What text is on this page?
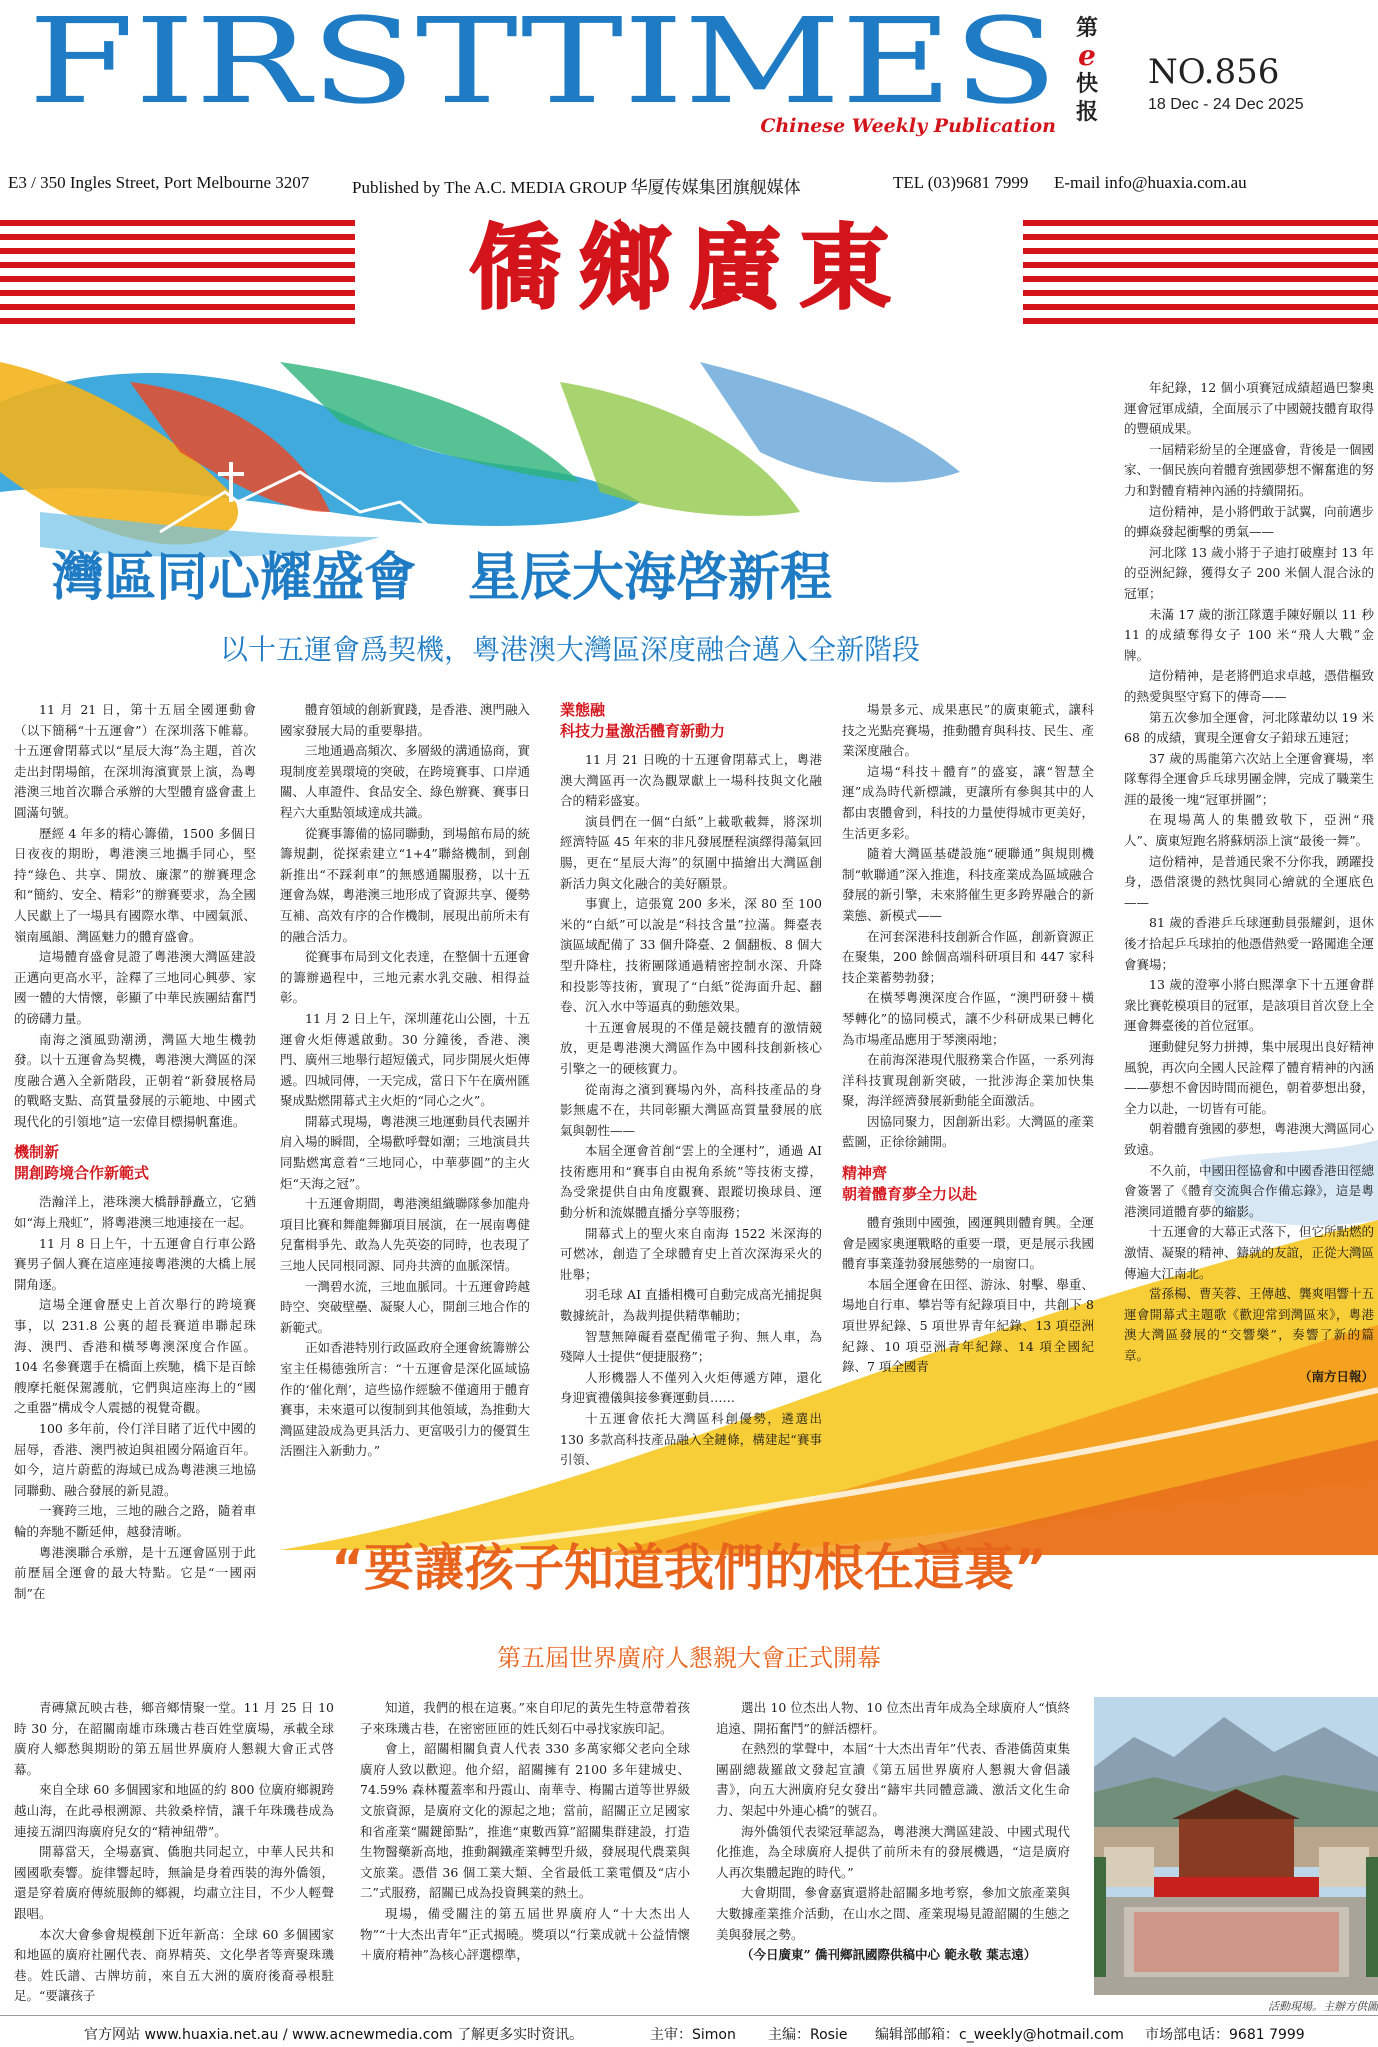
FIRSTTIMES
Chinese Weekly Publication
第
e
快
报
NO.856
18 Dec - 24 Dec 2025
E3 / 350 Ingles Street, Port Melbourne 3207	Published by The A.C. MEDIA GROUP 华厦传媒集团旗舰媒体	TEL (03)9681 7999 E-mail info@huaxia.com.au
僑鄉廣東
灣區同心耀盛會　星辰大海啓新程
以十五運會爲契機，粵港澳大灣區深度融合邁入全新階段

11 月 21 日，第十五屆全國運動會（以下簡稱“十五運會”）在深圳落下帷幕。十五運會閉幕式以“星辰大海”為主題，首次走出封閉場館，在深圳海濱實景上演，為粵港澳三地首次聯合承辦的大型體育盛會畫上圓滿句號。

歷經 4 年多的精心籌備，1500 多個日日夜夜的期盼，粵港澳三地攜手同心，堅持“綠色、共享、開放、廉潔”的辦賽理念和“簡約、安全、精彩”的辦賽要求，為全國人民獻上了一場具有國際水準、中國氣派、嶺南風韻、灣區魅力的體育盛會。

這場體育盛會見證了粵港澳大灣區建設正邁向更高水平，詮釋了三地同心興夢、家國一體的大情懷，彰顯了中華民族團結奮鬥的磅礴力量。

南海之濱風勁潮湧，灣區大地生機勃發。以十五運會為契機，粵港澳大灣區的深度融合邁入全新階段，正朝着“新發展格局的戰略支點、高質量發展的示範地、中國式現代化的引領地”這一宏偉目標揚帆奮進。

機制新
開創跨境合作新範式

浩瀚洋上，港珠澳大橋靜靜矗立，它猶如“海上飛虹”，將粵港澳三地連接在一起。

11 月 8 日上午，十五運會自行車公路賽男子個人賽在這座連接粵港澳的大橋上展開角逐。

這場全運會歷史上首次舉行的跨境賽事，以 231.8 公裏的超長賽道串聯起珠海、澳門、香港和橫琴粵澳深度合作區。104 名參賽選手在橋面上疾馳，橋下是百餘艘摩托艇保駕護航，它們與這座海上的“國之重器”構成令人震撼的視覺奇觀。

100 多年前，伶仃洋目睹了近代中國的屈辱，香港、澳門被迫與祖國分隔逾百年。如今，這片蔚藍的海域已成為粵港澳三地協同聯動、融合發展的新見證。

一賽跨三地，三地的融合之路，隨着車輪的奔馳不斷延伸，越發清晰。

粵港澳聯合承辦，是十五運會區別于此前歷屆全運會的最大特點。它是“一國兩制”在

體育領域的創新實踐，是香港、澳門融入國家發展大局的重要舉措。

三地通過高頻次、多層級的溝通協商，實現制度差異環境的突破，在跨境賽事、口岸通關、人車證件、食品安全、綠色辦賽、賽事日程六大重點領域達成共識。

從賽事籌備的協同聯動，到場館布局的統籌規劃，從探索建立“1+4”聯絡機制，到創新推出“不踩剎車”的無感通關服務，以十五運會為媒，粵港澳三地形成了資源共享、優勢互補、高效有序的合作機制，展現出前所未有的融合活力。

從賽事布局到文化表達，在整個十五運會的籌辦過程中，三地元素水乳交融、相得益彰。

11 月 2 日上午，深圳蓮花山公園，十五運會火炬傳遞啟動。30 分鐘後，香港、澳門、廣州三地舉行超短儀式，同步開展火炬傳遞。四城同傳，一天完成，當日下午在廣州匯聚成點燃開幕式主火炬的“同心之火”。

開幕式現場，粵港澳三地運動員代表團并肩入場的瞬間，全場歡呼聲如潮；三地演員共同點燃寓意着“三地同心，中華夢圓”的主火炬“天海之冠”。

十五運會期間，粵港澳組織聯隊參加龍舟項目比賽和舞龍舞獅項目展演，在一展南粵健兒奮楫爭先、敢為人先英姿的同時，也表現了三地人民同根同源、同舟共濟的血脈深情。

一灣碧水流，三地血脈同。十五運會跨越時空、突破壁壘、凝聚人心，開創三地合作的新範式。

正如香港特別行政區政府全運會統籌辦公室主任楊德強所言：“十五運會是深化區域協作的‘催化劑’，這些協作經驗不僅適用于體育賽事，未來還可以復制到其他領域，為推動大灣區建設成為更具活力、更富吸引力的優質生活圈注入新動力。”

業態融
科技力量激活體育新動力

11 月 21 日晚的十五運會閉幕式上，粵港澳大灣區再一次為觀眾獻上一場科技與文化融合的精彩盛宴。

演員們在一個“白紙”上載歌載舞，將深圳經濟特區 45 年來的非凡發展歷程演繹得蕩氣回腸，更在“星辰大海”的氛圍中描繪出大灣區創新活力與文化融合的美好願景。

事實上，這張寬 200 多米，深 80 至 100 米的“白紙”可以說是“科技含量”拉滿。舞臺表演區域配備了 33 個升降臺、2 個翻板、8 個大型升降柱，技術團隊通過精密控制水深、升降和投影等技術，實現了“白紙”從海面升起、翻卷、沉入水中等逼真的動態效果。

十五運會展現的不僅是競技體育的激情競放，更是粵港澳大灣區作為中國科技創新核心引擎之一的硬核實力。

從南海之濱到賽場內外，高科技產品的身影無處不在，共同彰顯大灣區高質量發展的底氣與韌性——

本屆全運會首創“雲上的全運村”，通過 AI 技術應用和“賽事自由視角系統”等技術支撐，為受衆提供自由角度觀賽、跟蹤切換球員、運動分析和流媒體直播分享等服務；

開幕式上的聖火來自南海 1522 米深海的可燃冰，創造了全球體育史上首次深海采火的壯舉；

羽毛球 AI 直播相機可自動完成高光捕捉與數據統計，為裁判提供精準輔助；

智慧無障礙看臺配備電子狗、無人車，為殘障人士提供“便捷服務”；

人形機器人不僅列入火炬傳遞方陣，還化身迎賓禮儀與接參賽運動員……

十五運會依托大灣區科創優勢，遴選出 130 多款高科技產品融入全鏈條，構建起“賽事引領、

場景多元、成果惠民”的廣東範式，讓科技之光點亮賽場，推動體育與科技、民生、產業深度融合。

這場“科技＋體育”的盛宴，讓“智慧全運”成為時代新標識，更讓所有參與其中的人都由衷體會到，科技的力量使得城市更美好，生活更多彩。

隨着大灣區基礎設施“硬聯通”與規則機制“軟聯通”深入推進，科技產業成為區域融合發展的新引擎，未來將催生更多跨界融合的新業態、新模式——

在河套深港科技創新合作區，創新資源正在聚集，200 餘個高端科研項目和 447 家科技企業蓄勢勃發；

在橫琴粵澳深度合作區，“澳門研發＋橫琴轉化”的協同模式，讓不少科研成果已轉化為市場產品應用于琴澳兩地；

在前海深港現代服務業合作區，一系列海洋科技實現創新突破，一批涉海企業加快集聚，海洋經濟發展新動能全面激活。

因協同聚力，因創新出彩。大灣區的產業藍圖，正徐徐鋪開。

精神齊
朝着體育夢全力以赴

體育強則中國強，國運興則體育興。全運會是國家奧運戰略的重要一環，更是展示我國體育事業蓬勃發展態勢的一扇窗口。

本屆全運會在田徑、游泳、射擊、舉重、場地自行車、攀岩等有紀錄項目中，共創下 8 項世界紀錄、5 項世界青年紀錄、13 項亞洲紀錄、10 項亞洲青年紀錄、14 項全國紀錄、7 項全國青

年紀錄，12 個小項賽冠成績超過巴黎奧運會冠軍成績，全面展示了中國競技體育取得的豐碩成果。

一屆精彩紛呈的全運盛會，背後是一個國家、一個民族向着體育強國夢想不懈奮進的努力和對體育精神內涵的持續開拓。

這份精神，是小將們敢于試翼，向前邁步的蟬焱發起衝擊的勇氣——

河北隊 13 歲小將于子迪打破塵封 13 年的亞洲紀錄，獲得女子 200 米個人混合泳的冠軍；

未滿 17 歲的浙江隊選手陳好願以 11 秒 11 的成績奪得女子 100 米“飛人大戰”金牌。

這份精神，是老將們追求卓越，憑借樞致的熱愛與堅守寫下的傳奇——

第五次參加全運會，河北隊輩幼以 19 米 68 的成績，實現全運會女子鉛球五連冠；

37 歲的馬龍第六次站上全運會賽場，率隊奪得全運會乒乓球男團金牌，完成了職業生涯的最後一塊“冠軍拼圖”；

在現場萬人的集體致敬下，亞洲“飛人”、廣東短跑名將蘇炳添上演“最後一舞”。

這份精神，是普通民衆不分你我，踴躍投身，憑借滾燙的熱忱與同心繪就的全運底色——

81 歲的香港乒乓球運動員張耀釗，退休後才拾起乒乓球拍的他憑借熱愛一路闖進全運會賽場；

13 歲的澄寧小將白熙澤拿下十五運會群衆比賽乾模項目的冠軍，是該項目首次登上全運會舞臺後的首位冠軍。

運動健兒努力拼搏，集中展現出良好精神風貌，再次向全國人民詮釋了體育精神的內涵——夢想不會因時間而褪色，朝着夢想出發，全力以赴，一切皆有可能。

朝着體育強國的夢想，粵港澳大灣區同心致遠。

不久前，中國田徑協會和中國香港田徑總會簽署了《體育交流與合作備忘錄》，這是粵港澳同道體育夢的縮影。

十五運會的大幕正式落下，但它所點燃的激情、凝聚的精神、鑄就的友誼，正從大灣區傳遍大江南北。

當孫楊、曹芙蓉、王傳越、龔爽唱響十五運會開幕式主題歌《歡迎常到灣區來》，粵港澳大灣區發展的“交響樂”，奏響了新的篇章。

（南方日報）

“要讓孩子知道我們的根在這裏”
第五屆世界廣府人懇親大會正式開幕

青磚黛瓦映古巷，鄉音鄉情聚一堂。11 月 25 日 10 時 30 分，在韶關南雄市珠璣古巷百姓堂廣場，承載全球廣府人鄉愁與期盼的第五屆世界廣府人懇親大會正式啓幕。

來自全球 60 多個國家和地區的約 800 位廣府鄉親跨越山海，在此尋根溯源、共敘桑梓情，讓千年珠璣巷成為連接五湖四海廣府兒女的“精神紐帶”。

開幕當天，全場嘉賓、僑胞共同起立，中華人民共和國國歌奏響。旋律響起時，無論是身着西裝的海外僑領，還是穿着廣府傳統服飾的鄉親，均肅立注目，不少人輕聲跟唱。

本次大會參會規模創下近年新高：全球 60 多個國家和地區的廣府社團代表、商界精英、文化學者等齊聚珠璣巷。姓氏譜、古牌坊前，來自五大洲的廣府後裔尋根駐足。“要讓孩子

知道，我們的根在這裏。”來自印尼的黃先生特意帶着孩子來珠璣古巷，在密密匝匝的姓氏刻石中尋找家族印記。

會上，韶關相關負責人代表 330 多萬家鄉父老向全球廣府人致以歡迎。他介紹，韶關擁有 2100 多年建城史、74.59% 森林覆蓋率和丹霞山、南華寺、梅關古道等世界級文旅資源，是廣府文化的源起之地；當前，韶關正立足國家和省產業“關鍵節點”，推進“東數西算”韶關集群建設，打造生物醫藥新高地，推動鋼鐵產業轉型升級，發展現代農業與文旅業。憑借 36 個工業大類、全省最低工業電價及“店小二”式服務，韶關已成為投資興業的熱土。

現場，備受關注的第五屆世界廣府人“十大杰出人物”“十大杰出青年”正式揭曉。獎項以“行業成就＋公益情懷＋廣府精神”為核心評選標準，

選出 10 位杰出人物、10 位杰出青年成為全球廣府人“慎終追遠、開拓奮鬥”的鮮活標杆。

在熱烈的掌聲中，本屆“十大杰出青年”代表、香港僑茵東集團副總裁羅啟文發起宣讀《第五屆世界廣府人懇親大會倡議書》，向五大洲廣府兒女發出“鑄牢共同體意識、激活文化生命力、架起中外連心橋”的號召。

海外僑領代表梁冠華認為，粵港澳大灣區建設、中國式現代化推進，為全球廣府人提供了前所未有的發展機遇，“這是廣府人再次集體起跑的時代。”

大會期間，參會嘉賓還將赴韶關多地考察，參加文旅產業與大數據產業推介活動，在山水之間、產業現場見證韶關的生態之美與發展之勢。

（今日廣東” 僑刊鄉訊國際供稿中心 範永敬 葉志遠）

活動現場。主辦方供圖
官方网站 www.huaxia.net.au / www.acnewmedia.com 了解更多实时资讯。	主审：Simon 主编：Rosie 编辑部邮箱：c_weekly@hotmail.com 市场部电话：9681 7999
